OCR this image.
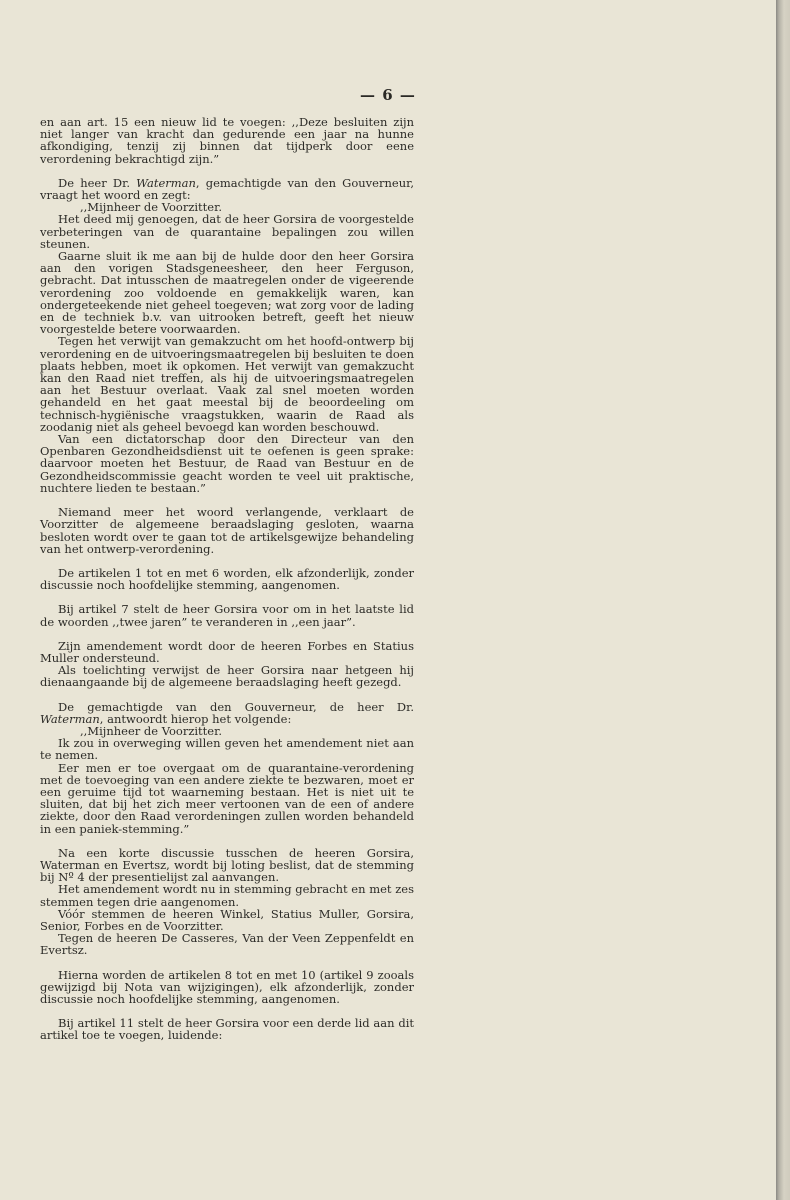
— 6 —

en aan art. 15 een nieuw lid te voegen: ,,Deze besluiten zijn niet langer van kracht dan gedurende een jaar na hunne afkondiging, tenzij zij binnen dat tijdperk door eene verordening bekrachtigd zijn.”

De heer Dr. Waterman, gemachtigde van den Gouverneur, vraagt het woord en zegt:

,,Mijnheer de Voorzitter.

Het deed mij genoegen, dat de heer Gorsira de voorgestelde verbeteringen van de quarantaine bepalingen zou willen steunen.

Gaarne sluit ik me aan bij de hulde door den heer Gorsira aan den vorigen Stadsgeneesheer, den heer Ferguson, gebracht. Dat intusschen de maatregelen onder de vigeerende verordening zoo voldoende en gemakkelijk waren, kan ondergeteekende niet geheel toegeven; wat zorg voor de lading en de techniek b.v. van uitrooken betreft, geeft het nieuw voorgestelde betere voorwaarden.

Tegen het verwijt van gemakzucht om het hoofd-ontwerp bij verordening en de uitvoeringsmaatregelen bij besluiten te doen plaats hebben, moet ik opkomen. Het verwijt van gemakzucht kan den Raad niet treffen, als hij de uitvoeringsmaatregelen aan het Bestuur overlaat. Vaak zal snel moeten worden gehandeld en het gaat meestal bij de beoordeeling om technisch-hygiënische vraagstukken, waarin de Raad als zoodanig niet als geheel bevoegd kan worden beschouwd.

Van een dictatorschap door den Directeur van den Openbaren Gezondheidsdienst uit te oefenen is geen sprake: daarvoor moeten het Bestuur, de Raad van Bestuur en de Gezondheidscommissie geacht worden te veel uit praktische, nuchtere lieden te bestaan.”

Niemand meer het woord verlangende, verklaart de Voorzitter de algemeene beraadslaging gesloten, waarna besloten wordt over te gaan tot de artikelsgewijze behandeling van het ontwerp-verordening.

De artikelen 1 tot en met 6 worden, elk afzonderlijk, zonder discussie noch hoofdelijke stemming, aangenomen.

Bij artikel 7 stelt de heer Gorsira voor om in het laatste lid de woorden ,,twee jaren” te veranderen in ,,een jaar”.

Zijn amendement wordt door de heeren Forbes en Statius Muller ondersteund.

Als toelichting verwijst de heer Gorsira naar hetgeen hij dienaangaande bij de algemeene beraadslaging heeft gezegd.

De gemachtigde van den Gouverneur, de heer Dr. Waterman, antwoordt hierop het volgende:

,,Mijnheer de Voorzitter.

Ik zou in overweging willen geven het amendement niet aan te nemen.

Eer men er toe overgaat om de quarantaine-verordening met de toevoeging van een andere ziekte te bezwaren, moet er een geruime tijd tot waarneming bestaan. Het is niet uit te sluiten, dat bij het zich meer vertoonen van de een of andere ziekte, door den Raad verordeningen zullen worden behandeld in een paniek-stemming.”

Na een korte discussie tusschen de heeren Gorsira, Waterman en Evertsz, wordt bij loting beslist, dat de stemming bij Nº 4 der presentielijst zal aanvangen.

Het amendement wordt nu in stemming gebracht en met zes stemmen tegen drie aangenomen.

Vóór stemmen de heeren Winkel, Statius Muller, Gorsira, Senior, Forbes en de Voorzitter.

Tegen de heeren De Casseres, Van der Veen Zeppenfeldt en Evertsz.

Hierna worden de artikelen 8 tot en met 10 (artikel 9 zooals gewijzigd bij Nota van wijzigingen), elk afzonderlijk, zonder discussie noch hoofdelijke stemming, aangenomen.

Bij artikel 11 stelt de heer Gorsira voor een derde lid aan dit artikel toe te voegen, luidende:
